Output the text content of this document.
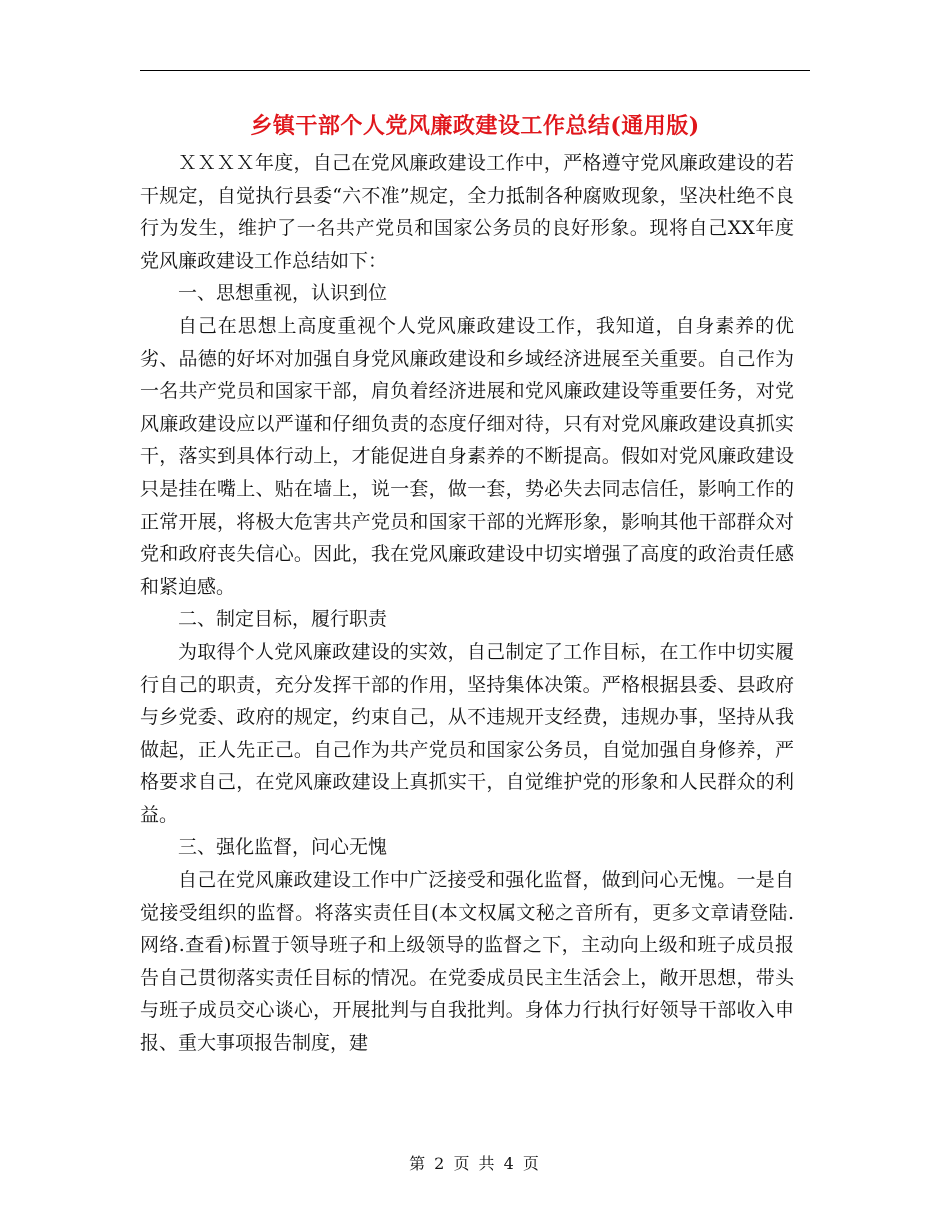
乡镇干部个人党风廉政建设工作总结(通用版)

ＸＸＸＸ年度，自己在党风廉政建设工作中，严格遵守党风廉政建设的若干规定，自觉执行县委“六不准”规定，全力抵制各种腐败现象，坚决杜绝不良行为发生，维护了一名共产党员和国家公务员的良好形象。现将自己XX年度党风廉政建设工作总结如下：

一、思想重视，认识到位

自己在思想上高度重视个人党风廉政建设工作，我知道，自身素养的优劣、品德的好坏对加强自身党风廉政建设和乡域经济进展至关重要。自己作为一名共产党员和国家干部，肩负着经济进展和党风廉政建设等重要任务，对党风廉政建设应以严谨和仔细负责的态度仔细对待，只有对党风廉政建设真抓实干，落实到具体行动上，才能促进自身素养的不断提高。假如对党风廉政建设只是挂在嘴上、贴在墙上，说一套，做一套，势必失去同志信任，影响工作的正常开展，将极大危害共产党员和国家干部的光辉形象，影响其他干部群众对党和政府丧失信心。因此，我在党风廉政建设中切实增强了高度的政治责任感和紧迫感。

二、制定目标，履行职责

为取得个人党风廉政建设的实效，自己制定了工作目标，在工作中切实履行自己的职责，充分发挥干部的作用，坚持集体决策。严格根据县委、县政府与乡党委、政府的规定，约束自己，从不违规开支经费，违规办事，坚持从我做起，正人先正己。自己作为共产党员和国家公务员，自觉加强自身修养，严格要求自己，在党风廉政建设上真抓实干，自觉维护党的形象和人民群众的利益。

三、强化监督，问心无愧

自己在党风廉政建设工作中广泛接受和强化监督，做到问心无愧。一是自觉接受组织的监督。将落实责任目(本文权属文秘之音所有，更多文章请登陆.网络.查看)标置于领导班子和上级领导的监督之下，主动向上级和班子成员报告自己贯彻落实责任目标的情况。在党委成员民主生活会上，敞开思想，带头与班子成员交心谈心，开展批判与自我批判。身体力行执行好领导干部收入申报、重大事项报告制度，建

第 2 页 共 4 页
